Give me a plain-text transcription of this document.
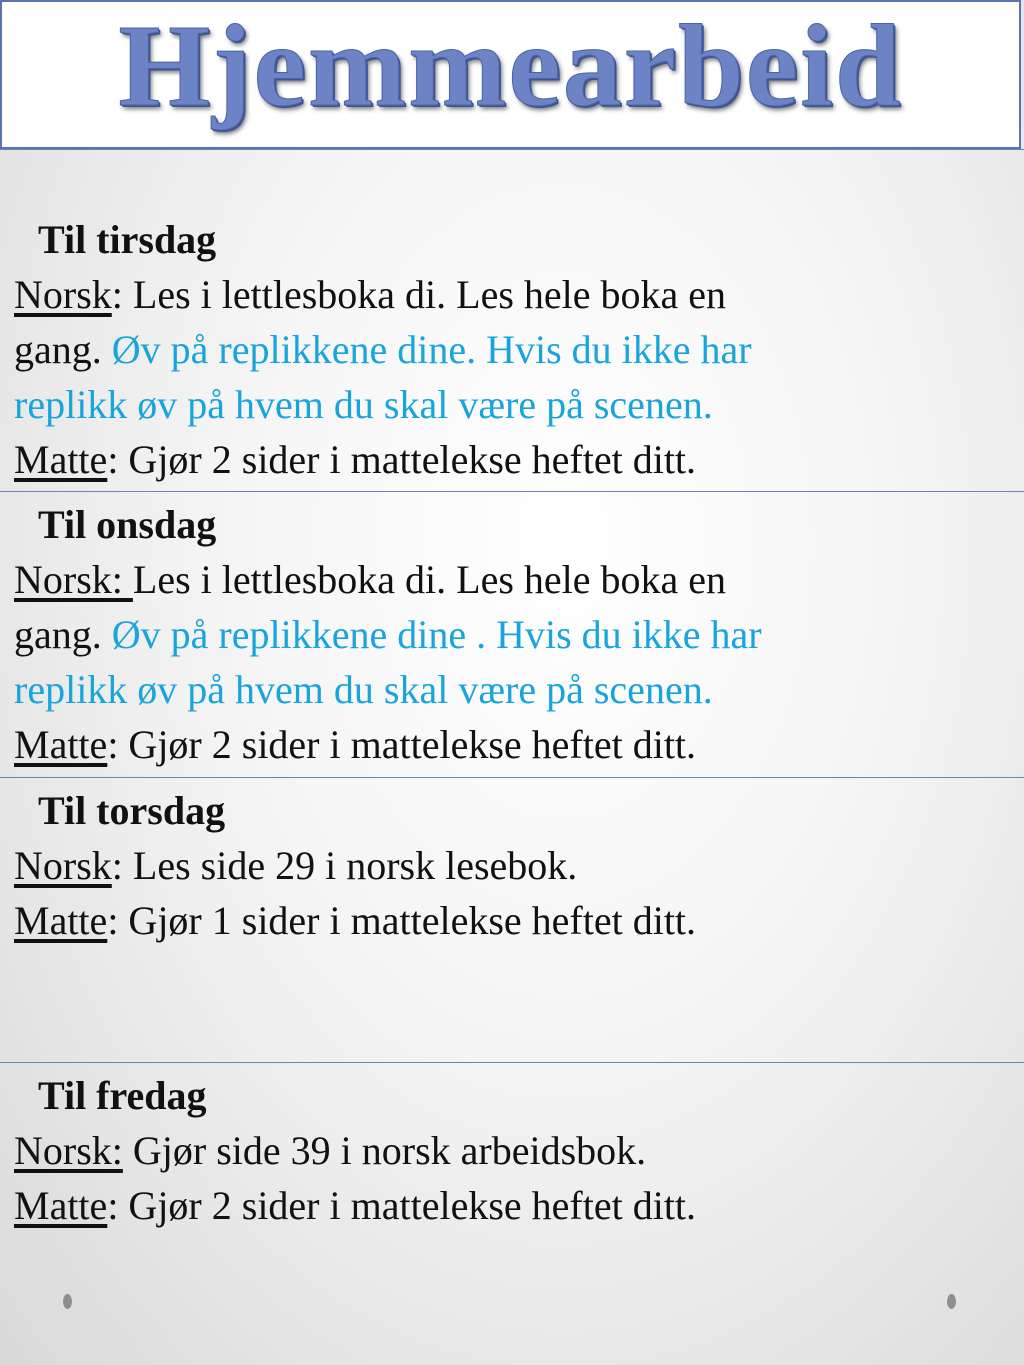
Hjemmearbeid
Til tirsdag

Norsk: Les i lettlesboka di. Les hele boka en

gang. Øv på replikkene dine. Hvis du ikke har

replikk øv på hvem du skal være på scenen.

Matte: Gjør 2 sider i mattelekse heftet ditt.

Til onsdag

Norsk: Les i lettlesboka di. Les hele boka en

gang. Øv på replikkene dine . Hvis du ikke har

replikk øv på hvem du skal være på scenen.

Matte: Gjør 2 sider i mattelekse heftet ditt.

Til torsdag

Norsk: Les side 29 i norsk lesebok.

Matte: Gjør 1 sider i mattelekse heftet ditt.

Til fredag

Norsk: Gjør side 39 i norsk arbeidsbok.

Matte: Gjør 2 sider i mattelekse heftet ditt.
